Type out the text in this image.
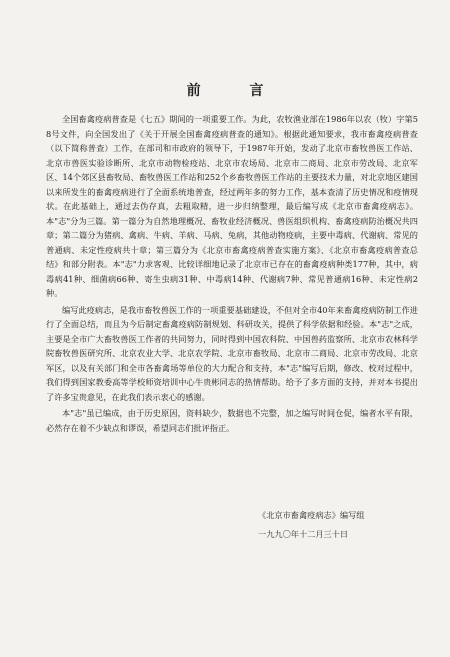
前 言

全国畜禽疫病普查是《七五》期间的一项重要工作。为此，农牧渔业部在1986年以农（牧）字第58号文件，向全国发出了《关于开展全国畜禽疫病普查的通知》。根据此通知要求，我市畜禽疫病普查（以下简称普查）工作，在部司和市政府的领导下，于1987年开始，发动了北京市畜牧兽医工作站、北京市兽医实验诊断所、北京市动物检疫站、北京市农场局、北京市二商局、北京市劳改局、北京军区、14个郊区县畜牧局、畜牧兽医工作站和252个乡畜牧兽医工作站的主要技术力量，对北京地区建国以来所发生的畜禽疫病进行了全面系统地普查，经过两年多的努力工作，基本查清了历史情况和疫情现状。在此基础上，通过去伪存真，去粗取精，进一步归纳整理，最后编写成《北京市畜禽疫病志》。本"志"分为三篇。第一篇分为自然地理概况、畜牧业经济概况、兽医组织机构、畜禽疫病防治概况共四章；第二篇分为猪病、禽病、牛病、羊病、马病、兔病，其他动物疫病，主要中毒病、代谢病、常见的普通病、未定性疫病共十章；第三篇分为《北京市畜禽疫病普查实施方案》、《北京市畜禽疫病普查总结》和部分附表。本"志"力求客观、比较详细地记录了北京市已存在的畜禽疫病种类177种，其中，病毒病41种、细菌病66种、寄生虫病31种、中毒病14种、代谢病7种、常见普通病16种、未定性病2种。

编写此疫病志，是我市畜牧兽医工作的一项重要基础建设，不但对全市40年来畜禽疫病防制工作进行了全面总结，而且为今后制定畜禽疫病防制规划、科研攻关，提供了科学依据和经验。本"志"之成，主要是全市广大畜牧兽医工作者的共同努力，同时得到中国农科院、中国兽药监察所、北京市农林科学院畜牧兽医研究所、北京农业大学、北京农学院、北京市畜牧局、北京市二商局、北京市劳改局、北京军区，以及有关部门和全市各畜禽场等单位的大力配合和支持，本"志"编写后期，修改、校对过程中，我们得到国家教委高等学校师资培训中心牛贵彬同志的热情帮助。给予了多方面的支持，并对本书提出了许多宝贵意见，在此我们表示衷心的感谢。

本"志"虽已编成，由于历史原因，资料缺少，数据也不完整，加之编写时间仓促，编者水平有限，必然存在着不少缺点和谬误，希望同志们批评指正。

《北京市畜禽疫病志》编写组
一九九〇年十二月三十日
